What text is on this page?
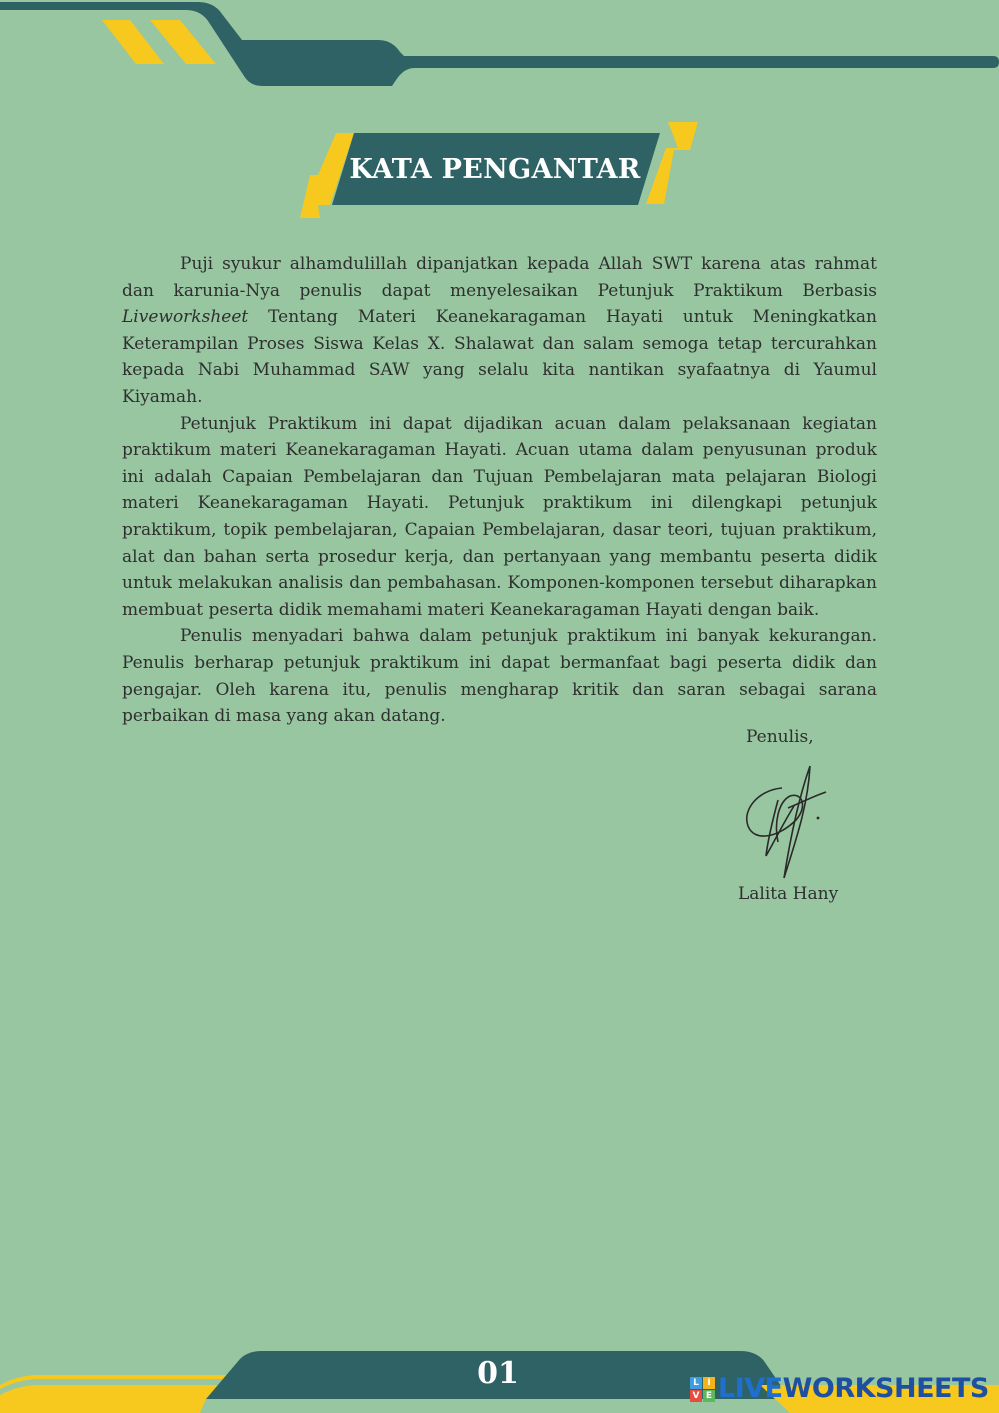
KATA PENGANTAR

Puji syukur alhamdulillah dipanjatkan kepada Allah SWT karena atas rahmat dan karunia-Nya penulis dapat menyelesaikan Petunjuk Praktikum Berbasis Liveworksheet Tentang Materi Keanekaragaman Hayati untuk Meningkatkan Keterampilan Proses Siswa Kelas X. Shalawat dan salam semoga tetap tercurahkan kepada Nabi Muhammad SAW yang selalu kita nantikan syafaatnya di Yaumul Kiyamah.

Petunjuk Praktikum ini dapat dijadikan acuan dalam pelaksanaan kegiatan praktikum materi Keanekaragaman Hayati. Acuan utama dalam penyusunan produk ini adalah Capaian Pembelajaran dan Tujuan Pembelajaran mata pelajaran Biologi materi Keanekaragaman Hayati. Petunjuk praktikum ini dilengkapi petunjuk praktikum, topik pembelajaran, Capaian Pembelajaran, dasar teori, tujuan praktikum, alat dan bahan serta prosedur kerja, dan pertanyaan yang membantu peserta didik untuk melakukan analisis dan pembahasan. Komponen-komponen tersebut diharapkan membuat peserta didik memahami materi Keanekaragaman Hayati dengan baik.

Penulis menyadari bahwa dalam petunjuk praktikum ini banyak kekurangan. Penulis berharap petunjuk praktikum ini dapat bermanfaat bagi peserta didik dan pengajar. Oleh karena itu, penulis mengharap kritik dan saran sebagai sarana perbaikan di masa yang akan datang.

Penulis,
Lalita Hany
01	L I
V E LIVE WORKSHEETS
